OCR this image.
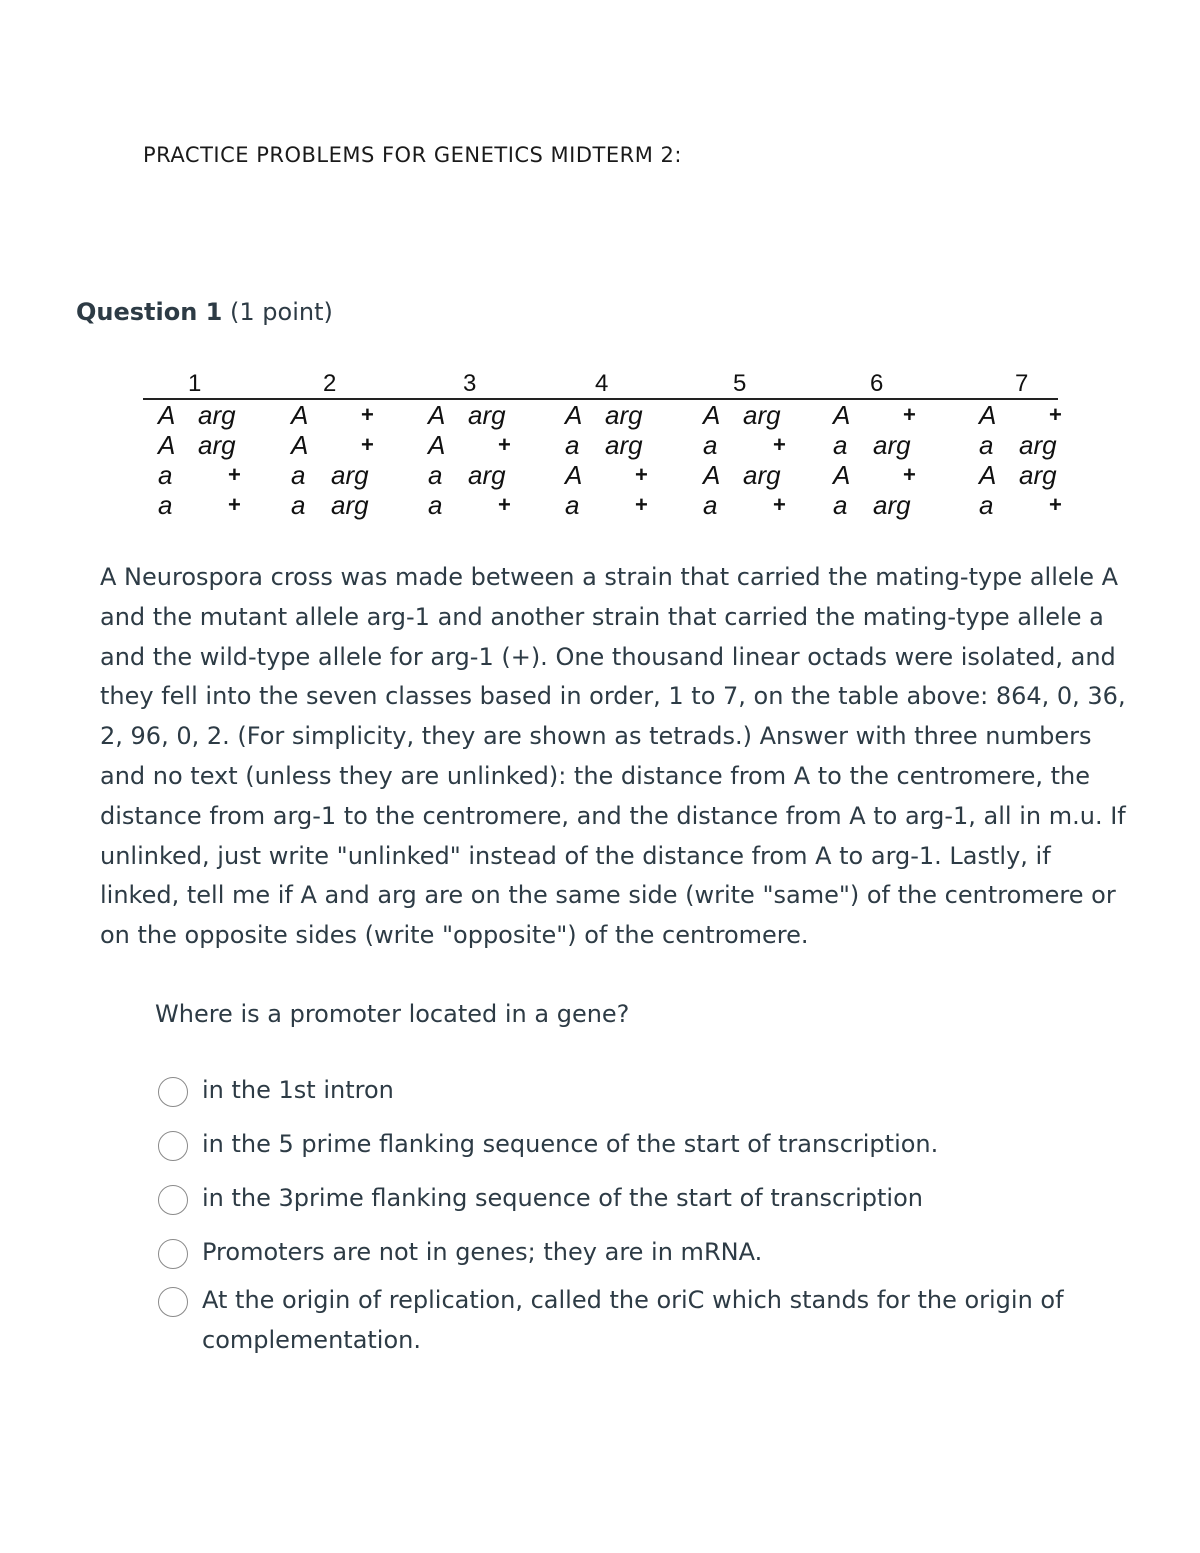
PRACTICE PROBLEMS FOR GENETICS MIDTERM 2:
Question 1 (1 point)
1
A arg
A arg
a	+
a	+
2
A +
A +
a arg
a arg
3
A arg
A +
a arg
a	+
4
A arg
a arg
A +
a	+
5
A arg
a	+
A arg
a	+
6
A +
a arg
A +
a arg
7
A +
a arg
A arg
a	+
A Neurospora cross was made between a strain that carried the mating-type allele A and the mutant allele arg-1 and another strain that carried the mating-type allele a and the wild-type allele for arg-1 (+). One thousand linear octads were isolated, and they fell into the seven classes based in order, 1 to 7, on the table above: 864, 0, 36, 2, 96, 0, 2. (For simplicity, they are shown as tetrads.) Answer with three numbers and no text (unless they are unlinked): the distance from A to the centromere, the distance from arg-1 to the centromere, and the distance from A to arg-1, all in m.u. If unlinked, just write "unlinked" instead of the distance from A to arg-1. Lastly, if linked, tell me if A and arg are on the same side (write "same") of the centromere or on the opposite sides (write "opposite") of the centromere.
Where is a promoter located in a gene?
in the 1st intron
in the 5 prime flanking sequence of the start of transcription.
in the 3prime flanking sequence of the start of transcription
Promoters are not in genes; they are in mRNA.
At the origin of replication, called the oriC which stands for the origin of complementation.
